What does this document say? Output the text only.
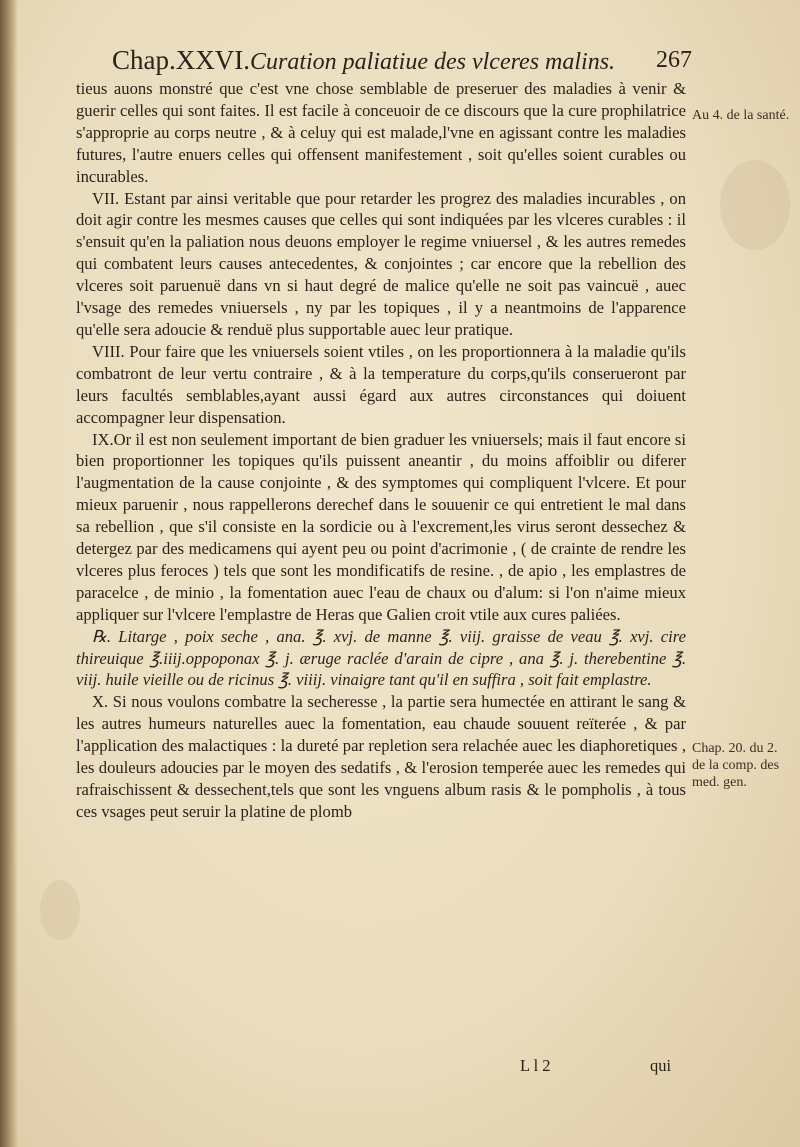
Chap.XXVI.Curation paliatiue des vlceres malins. 267

tieus auons monstré que c'est vne chose semblable de preseruer des maladies à venir & guerir celles qui sont faites. Il est facile à conceuoir de ce discours que la cure prophilatrice s'approprie au corps neutre , & à celuy qui est malade,l'vne en agissant contre les maladies futures, l'autre enuers celles qui offensent manifestement , soit qu'elles soient curables ou incurables.

VII. Estant par ainsi veritable que pour retarder les progrez des maladies incurables , on doit agir contre les mesmes causes que celles qui sont indiquées par les vlceres curables : il s'ensuit qu'en la paliation nous deuons employer le regime vniuersel , & les autres remedes qui combatent leurs causes antecedentes, & conjointes ; car encore que la rebellion des vlceres soit paruenuë dans vn si haut degré de malice qu'elle ne soit pas vaincuë , auec l'vsage des remedes vniuersels , ny par les topiques , il y a neantmoins de l'apparence qu'elle sera adoucie & renduë plus supportable auec leur pratique.

VIII. Pour faire que les vniuersels soient vtiles , on les proportionnera à la maladie qu'ils combatront de leur vertu contraire , & à la temperature du corps,qu'ils conserueront par leurs facultés semblables,ayant aussi égard aux autres circonstances qui doiuent accompagner leur dispensation.

IX.Or il est non seulement important de bien graduer les vniuersels; mais il faut encore si bien proportionner les topiques qu'ils puissent aneantir , du moins affoiblir ou diferer l'augmentation de la cause conjointe , & des symptomes qui compliquent l'vlcere. Et pour mieux paruenir , nous rappellerons derechef dans le souuenir ce qui entretient le mal dans sa rebellion , que s'il consiste en la sordicie ou à l'excrement,les virus seront dessechez & detergez par des medicamens qui ayent peu ou point d'acrimonie , ( de crainte de rendre les vlceres plus feroces ) tels que sont les mondificatifs de resine. , de apio , les emplastres de paracelce , de minio , la fomentation auec l'eau de chaux ou d'alum: si l'on n'aime mieux appliquer sur l'vlcere l'emplastre de Heras que Galien croit vtile aux cures paliées.

℞. Litarge , poix seche , ana. ℥. xvj. de manne ℥. viij. graisse de veau ℥. xvj. cire thireuique ℥.iiij.oppoponax ℥. j. æruge raclée d'arain de cipre , ana ℥. j. therebentine ℥. viij. huile vieille ou de ricinus ℥. viiij. vinaigre tant qu'il en suffira , soit fait emplastre.

X. Si nous voulons combatre la secheresse , la partie sera humectée en attirant le sang & les autres humeurs naturelles auec la fomentation, eau chaude souuent reïterée , & par l'application des malactiques : la dureté par repletion sera relachée auec les diaphoretiques , les douleurs adoucies par le moyen des sedatifs , & l'erosion temperée auec les remedes qui rafraischissent & dessechent,tels que sont les vnguens album rasis & le pompholis , à tous ces vsages peut seruir la platine de plomb

Au 4. de la santé.
Chap. 20. du 2. de la comp. des med. gen.
L l 2	qui
